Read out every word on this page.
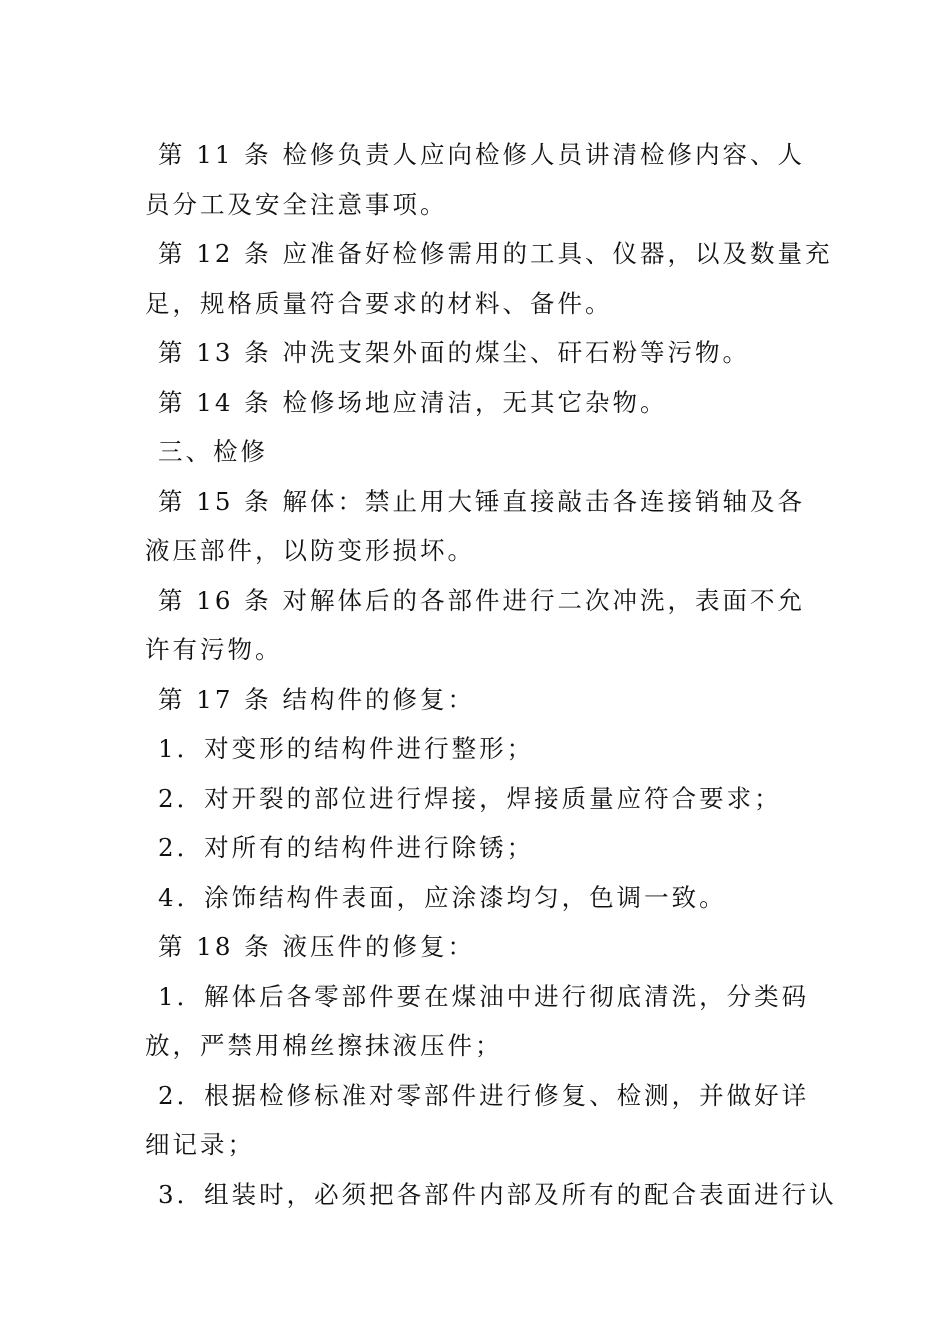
第 11 条 检修负责人应向检修人员讲清检修内容、人员分工及安全注意事项。

第 12 条 应准备好检修需用的工具、仪器，以及数量充

足，规格质量符合要求的材料、备件。

第 13 条 冲洗支架外面的煤尘、矸石粉等污物。

第 14 条 检修场地应清洁，无其它杂物。

三、检修

第 15 条 解体：禁止用大锤直接敲击各连接销轴及各液压部件，以防变形损坏。

第 16 条 对解体后的各部件进行二次冲洗，表面不允许有污物。

第 17 条 结构件的修复：

1．对变形的结构件进行整形；

2．对开裂的部位进行焊接，焊接质量应符合要求；

2．对所有的结构件进行除锈；

4．涂饰结构件表面，应涂漆均匀，色调一致。

第 18 条 液压件的修复：

1．解体后各零部件要在煤油中进行彻底清洗，分类码放，严禁用棉丝擦抹液压件；

2．根据检修标准对零部件进行修复、检测，并做好详细记录；

3．组装时，必须把各部件内部及所有的配合表面进行认
